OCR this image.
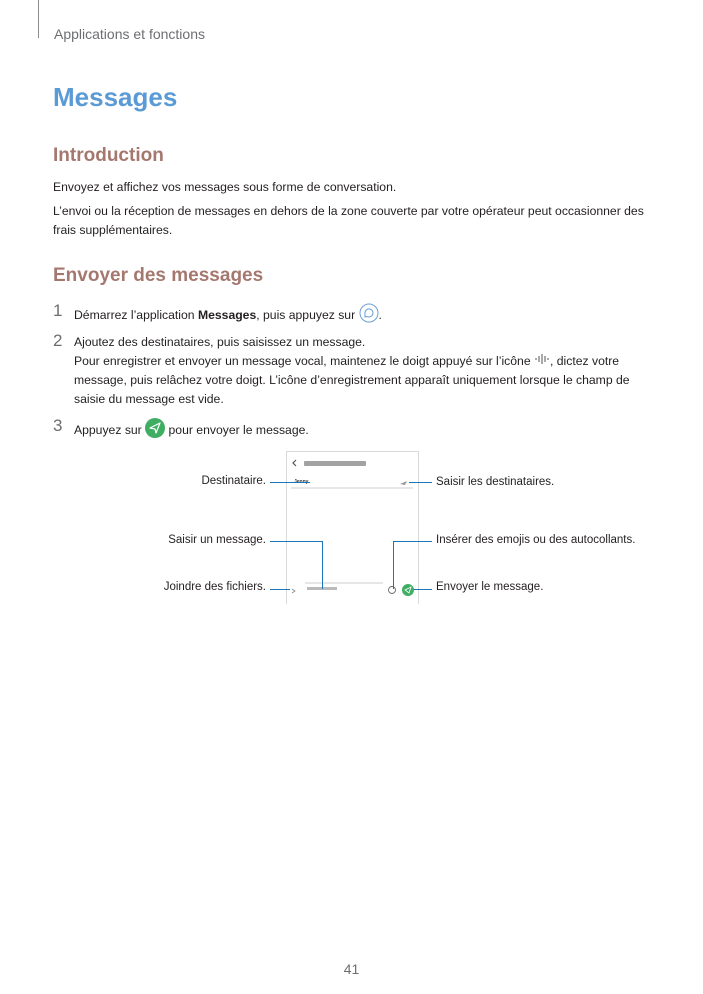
Applications et fonctions
Messages
Introduction
Envoyez et affichez vos messages sous forme de conversation.
L’envoi ou la réception de messages en dehors de la zone couverte par votre opérateur peut occasionner des frais supplémentaires.
Envoyer des messages
1 Démarrez l’application Messages, puis appuyez sur .
2 Ajoutez des destinataires, puis saisissez un message.
Pour enregistrer et envoyer un message vocal, maintenez le doigt appuyé sur l’icône , dictez votre message, puis relâchez votre doigt. L’icône d’enregistrement apparaît uniquement lorsque le champ de saisie du message est vide.
3 Appuyez sur  pour envoyer le message.
Destinataire.	Saisir les destinataires.
Saisir un message.	Insérer des emojis ou des autocollants.
Joindre des fichiers.	Envoyer le message.
41
